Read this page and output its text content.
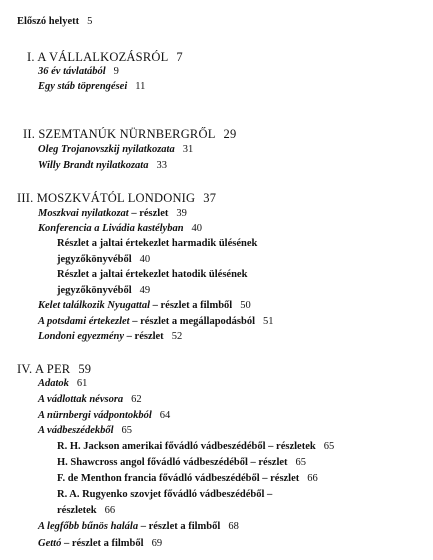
Előszó helyett 5
I. A VÁLLALKOZÁSRÓL 7
36 év távlatából 9
Egy stáb töprengései 11
II. SZEMTANÚK NÜRNBERGRŐL 29
Oleg Trojanovszkij nyilatkozata 31
Willy Brandt nyilatkozata 33
III. MOSZKVÁTÓL LONDONIG 37
Moszkvai nyilatkozat – részlet 39
Konferencia a Livádia kastélyban 40
Részlet a jaltai értekezlet harmadik ülésének
jegyzőkönyvéből 40
Részlet a jaltai értekezlet hatodik ülésének
jegyzőkönyvéből 49
Kelet találkozik Nyugattal – részlet a filmből 50
A potsdami értekezlet – részlet a megállapodásból 51
Londoni egyezmény – részlet 52
IV. A PER 59
Adatok 61
A vádlottak névsora 62
A nürnbergi vádpontokból 64
A vádbeszédekből 65
R. H. Jackson amerikai fővádló vádbeszédéből – részletek 65
H. Shawcross angol fővádló vádbeszédéből – részlet 65
F. de Menthon francia fővádló vádbeszédéből – részlet 66
R. A. Rugyenko szovjet fővádló vádbeszédéből –
részletek 66
A legfőbb bűnös halála – részlet a filmből 68
Gettó – részlet a filmből 69
